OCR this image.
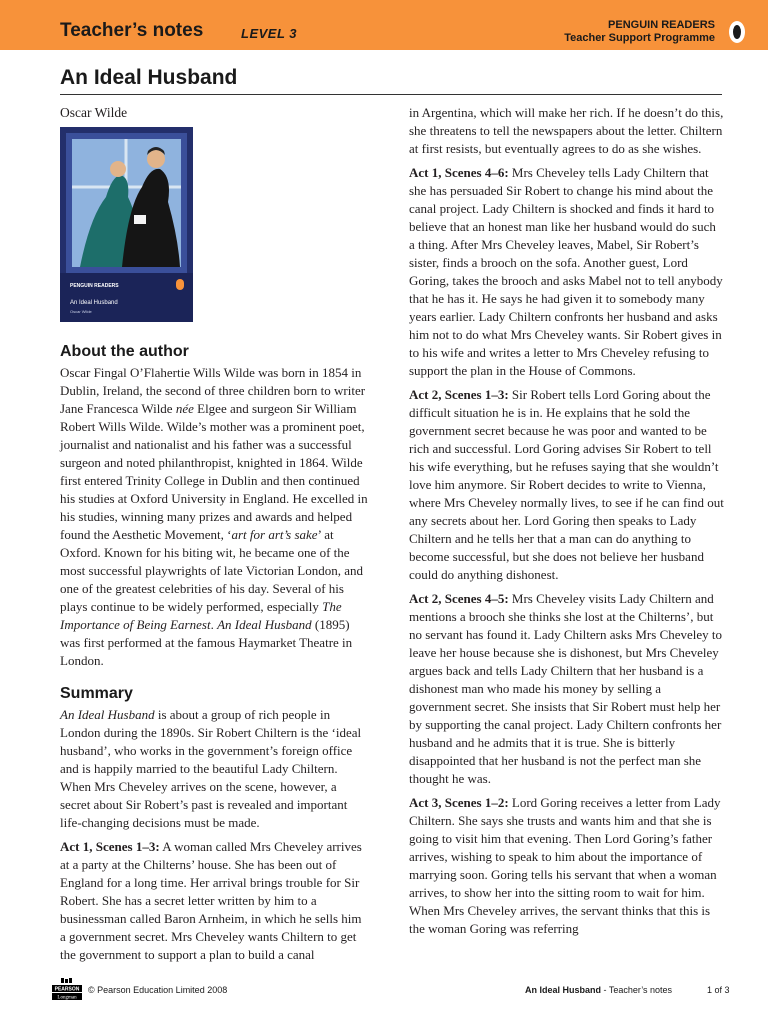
Teacher’s notes	LEVEL 3
PENGUIN READERS
Teacher Support Programme
An Ideal Husband
Oscar Wilde
PENGUIN READERS
An Ideal Husband
Oscar Wilde
About the author

Oscar Fingal O’Flahertie Wills Wilde was born in 1854 in Dublin, Ireland, the second of three children born to writer Jane Francesca Wilde née Elgee and surgeon Sir William Robert Wills Wilde. Wilde’s mother was a prominent poet, journalist and nationalist and his father was a successful surgeon and noted philanthropist, knighted in 1864. Wilde first entered Trinity College in Dublin and then continued his studies at Oxford University in England. He excelled in his studies, winning many prizes and awards and helped found the Aesthetic Movement, ‘art for art’s sake’ at Oxford. Known for his biting wit, he became one of the most successful playwrights of late Victorian London, and one of the greatest celebrities of his day. Several of his plays continue to be widely performed, especially The Importance of Being Earnest. An Ideal Husband (1895) was first performed at the famous Haymarket Theatre in London.

Summary

An Ideal Husband is about a group of rich people in London during the 1890s. Sir Robert Chiltern is the ‘ideal husband’, who works in the government’s foreign office and is happily married to the beautiful Lady Chiltern. When Mrs Cheveley arrives on the scene, however, a secret about Sir Robert’s past is revealed and important life-changing decisions must be made.

Act 1, Scenes 1–3: A woman called Mrs Cheveley arrives at a party at the Chilterns’ house. She has been out of England for a long time. Her arrival brings trouble for Sir Robert. She has a secret letter written by him to a businessman called Baron Arnheim, in which he sells him a government secret. Mrs Cheveley wants Chiltern to get the government to support a plan to build a canal

in Argentina, which will make her rich. If he doesn’t do this, she threatens to tell the newspapers about the letter. Chiltern at first resists, but eventually agrees to do as she wishes.

Act 1, Scenes 4–6: Mrs Cheveley tells Lady Chiltern that she has persuaded Sir Robert to change his mind about the canal project. Lady Chiltern is shocked and finds it hard to believe that an honest man like her husband would do such a thing. After Mrs Cheveley leaves, Mabel, Sir Robert’s sister, finds a brooch on the sofa. Another guest, Lord Goring, takes the brooch and asks Mabel not to tell anybody that he has it. He says he had given it to somebody many years earlier. Lady Chiltern confronts her husband and asks him not to do what Mrs Cheveley wants. Sir Robert gives in to his wife and writes a letter to Mrs Cheveley refusing to support the plan in the House of Commons.

Act 2, Scenes 1–3: Sir Robert tells Lord Goring about the difficult situation he is in. He explains that he sold the government secret because he was poor and wanted to be rich and successful. Lord Goring advises Sir Robert to tell his wife everything, but he refuses saying that she wouldn’t love him anymore. Sir Robert decides to write to Vienna, where Mrs Cheveley normally lives, to see if he can find out any secrets about her. Lord Goring then speaks to Lady Chiltern and he tells her that a man can do anything to become successful, but she does not believe her husband could do anything dishonest.

Act 2, Scenes 4–5: Mrs Cheveley visits Lady Chiltern and mentions a brooch she thinks she lost at the Chilterns’, but no servant has found it. Lady Chiltern asks Mrs Cheveley to leave her house because she is dishonest, but Mrs Cheveley argues back and tells Lady Chiltern that her husband is a dishonest man who made his money by selling a government secret. She insists that Sir Robert must help her by supporting the canal project. Lady Chiltern confronts her husband and he admits that it is true. She is bitterly disappointed that her husband is not the perfect man she thought he was.

Act 3, Scenes 1–2: Lord Goring receives a letter from Lady Chiltern. She says she trusts and wants him and that she is going to visit him that evening. Then Lord Goring’s father arrives, wishing to speak to him about the importance of marrying soon. Goring tells his servant that when a woman arrives, to show her into the sitting room to wait for him. When Mrs Cheveley arrives, the servant thinks that this is the woman Goring was referring

PEARSON
Longman
© Pearson Education Limited 2008	An Ideal Husband - Teacher’s notes	1 of 3
